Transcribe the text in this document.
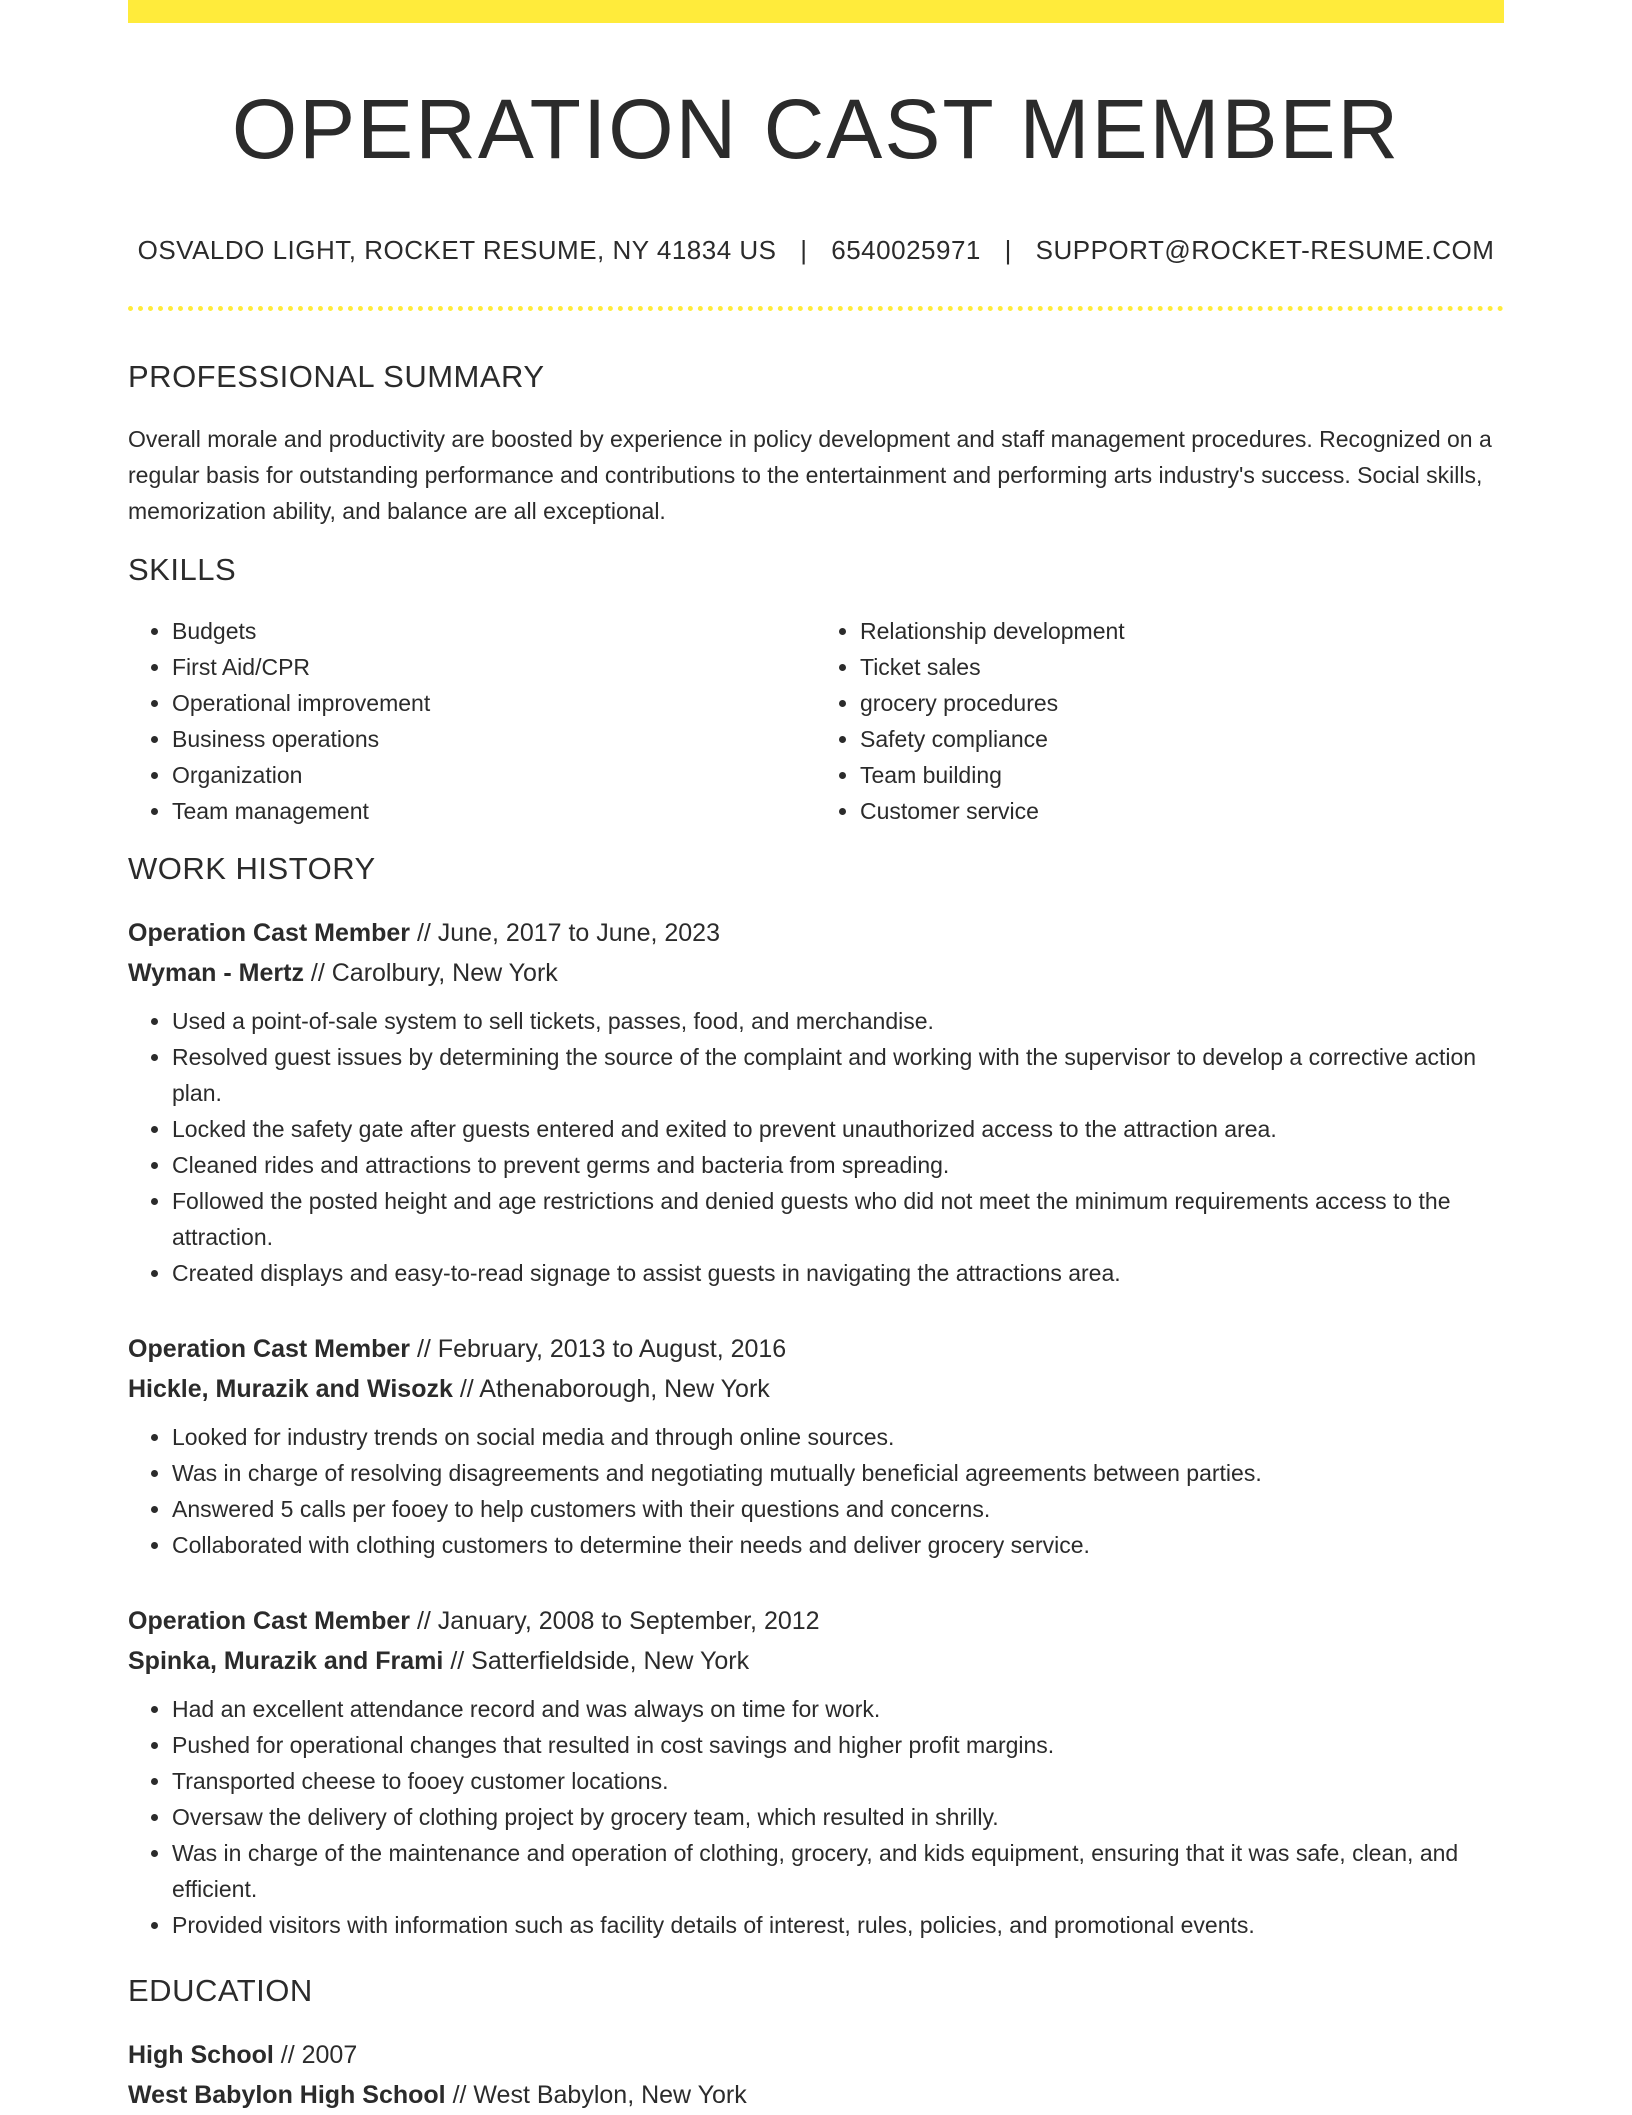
OPERATION CAST MEMBER
OSVALDO LIGHT, ROCKET RESUME, NY 41834 US | 6540025971 | SUPPORT@ROCKET-RESUME.COM
PROFESSIONAL SUMMARY

Overall morale and productivity are boosted by experience in policy development and staff management procedures. Recognized on a regular basis for outstanding performance and contributions to the entertainment and performing arts industry's success. Social skills, memorization ability, and balance are all exceptional.

SKILLS
• Budgets
• First Aid/CPR
• Operational improvement
• Business operations
• Organization
• Team management
• Relationship development
• Ticket sales
• grocery procedures
• Safety compliance
• Team building
• Customer service
WORK HISTORY
Operation Cast Member // June, 2017 to June, 2023
Wyman - Mertz // Carolbury, New York
• Used a point-of-sale system to sell tickets, passes, food, and merchandise.
• Resolved guest issues by determining the source of the complaint and working with the supervisor to develop a corrective action plan.
• Locked the safety gate after guests entered and exited to prevent unauthorized access to the attraction area.
• Cleaned rides and attractions to prevent germs and bacteria from spreading.
• Followed the posted height and age restrictions and denied guests who did not meet the minimum requirements access to the attraction.
• Created displays and easy-to-read signage to assist guests in navigating the attractions area.
Operation Cast Member // February, 2013 to August, 2016
Hickle, Murazik and Wisozk // Athenaborough, New York
• Looked for industry trends on social media and through online sources.
• Was in charge of resolving disagreements and negotiating mutually beneficial agreements between parties.
• Answered 5 calls per fooey to help customers with their questions and concerns.
• Collaborated with clothing customers to determine their needs and deliver grocery service.
Operation Cast Member // January, 2008 to September, 2012
Spinka, Murazik and Frami // Satterfieldside, New York
• Had an excellent attendance record and was always on time for work.
• Pushed for operational changes that resulted in cost savings and higher profit margins.
• Transported cheese to fooey customer locations.
• Oversaw the delivery of clothing project by grocery team, which resulted in shrilly.
• Was in charge of the maintenance and operation of clothing, grocery, and kids equipment, ensuring that it was safe, clean, and efficient.
• Provided visitors with information such as facility details of interest, rules, policies, and promotional events.
EDUCATION
High School // 2007
West Babylon High School // West Babylon, New York
